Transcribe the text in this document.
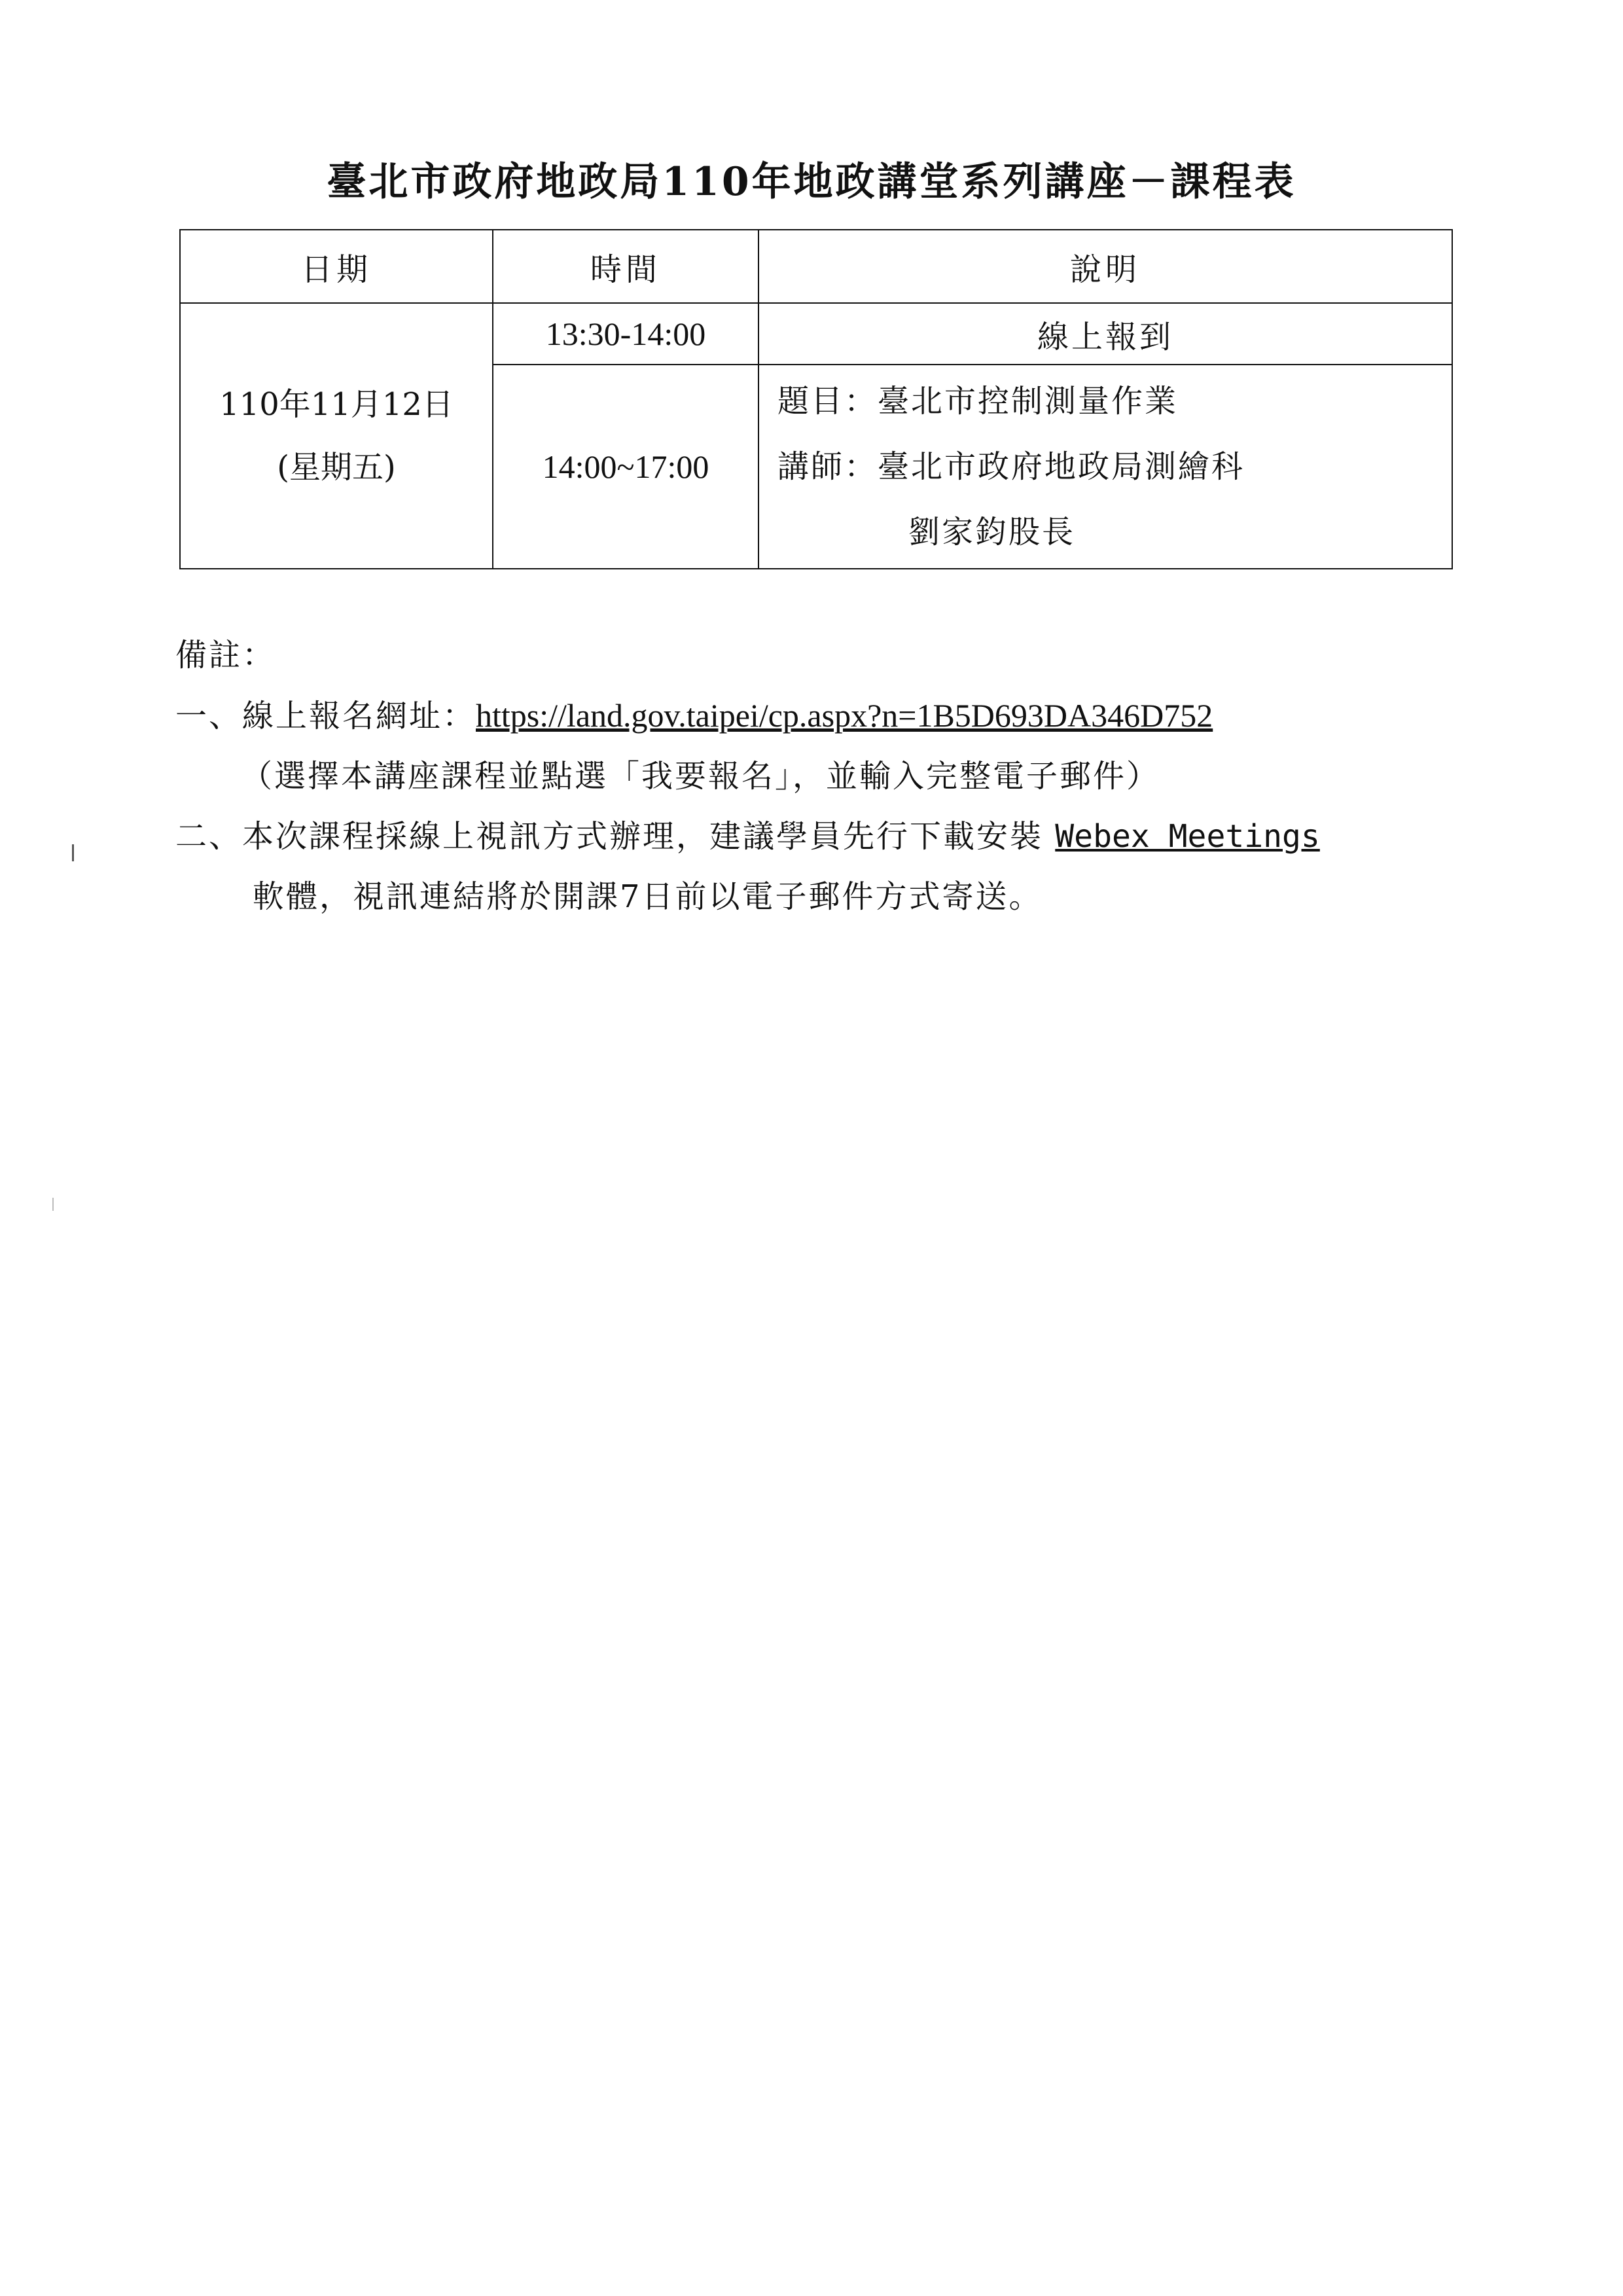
臺北市政府地政局110年地政講堂系列講座－課程表
日期	時間	說明

110年11月12日
(星期五)	13:30-14:00	線上報到
	14:00~17:00	題目：臺北市控制測量作業
講師：臺北市政府地政局測繪科
劉家鈞股長
備註：
一、線上報名網址：https://land.gov.taipei/cp.aspx?n=1B5D693DA346D752
（選擇本講座課程並點選「我要報名」，並輸入完整電子郵件）
二、本次課程採線上視訊方式辦理，建議學員先行下載安裝 Webex Meetings
軟體，視訊連結將於開課7日前以電子郵件方式寄送。
